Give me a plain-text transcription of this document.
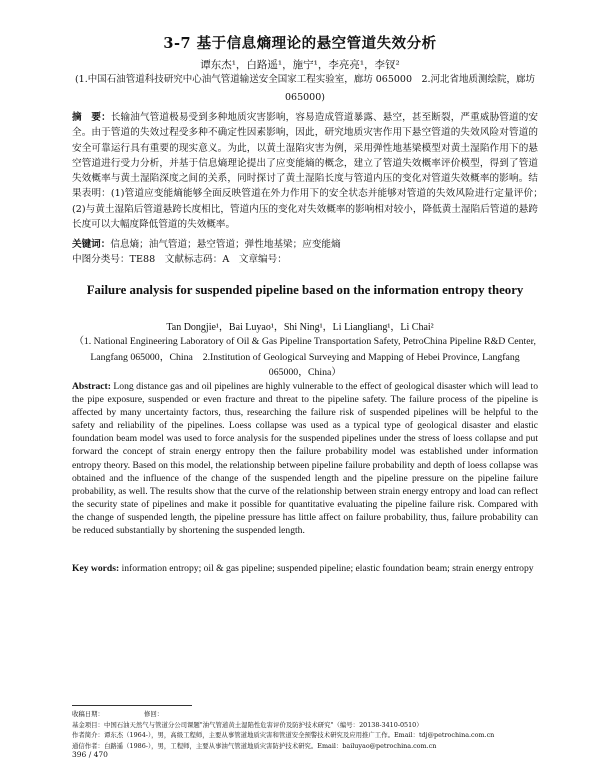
3-7 基于信息熵理论的悬空管道失效分析

谭东杰¹，白路遥¹，施宁¹，李亮亮¹，李钗²

(1.中国石油管道科技研究中心油气管道输送安全国家工程实验室，廊坊 065000　2.河北省地质测绘院，廊坊 065000)

摘　要：长输油气管道极易受到多种地质灾害影响，容易造成管道暴露、悬空，甚至断裂，严重威胁管道的安全。由于管道的失效过程受多种不确定性因素影响，因此，研究地质灾害作用下悬空管道的失效风险对管道的安全可靠运行具有重要的现实意义。为此，以黄土湿陷灾害为例，采用弹性地基梁模型对黄土湿陷作用下的悬空管道进行受力分析，并基于信息熵理论提出了应变能熵的概念，建立了管道失效概率评价模型，得到了管道失效概率与黄土湿陷深度之间的关系，同时探讨了黄土湿陷长度与管道内压的变化对管道失效概率的影响。结果表明：(1)管道应变能熵能够全面反映管道在外力作用下的安全状态并能够对管道的失效风险进行定量评价；　(2)与黄土湿陷后管道悬跨长度相比，管道内压的变化对失效概率的影响相对较小，降低黄土湿陷后管道的悬跨长度可以大幅度降低管道的失效概率。

关键词：信息熵；油气管道；悬空管道；弹性地基梁；应变能熵

中图分类号：TE88　文献标志码：A　文章编号：

Failure analysis for suspended pipeline based on the information entropy theory

Tan Dongjie¹，Bai Luyao¹，Shi Ning¹，Li Liangliang¹，Li Chai²

（1. National Engineering Laboratory of Oil & Gas Pipeline Transportation Safety, PetroChina Pipeline R&D Center, Langfang 065000，China　2.Institution of Geological Surveying and Mapping of Hebei Province, Langfang 065000，China）

Abstract: Long distance gas and oil pipelines are highly vulnerable to the effect of geological disaster which will lead to the pipe exposure, suspended or even fracture and threat to the pipeline safety. The failure process of the pipeline is affected by many uncertainty factors, thus, researching the failure risk of suspended pipelines will be helpful to the safety and reliability of the pipelines. Loess collapse was used as a typical type of geological disaster and elastic foundation beam model was used to force analysis for the suspended pipelines under the stress of loess collapse and put forward the concept of strain energy entropy then the failure probability model was established under information entropy theory. Based on this model, the relationship between pipeline failure probability and depth of loess collapse was obtained and the influence of the change of the suspended length and the pipeline pressure on the pipeline failure probability, as well. The results show that the curve of the relationship between strain energy entropy and load can reflect the security state of pipelines and make it possible for quantitative evaluating the pipeline failure risk. Compared with the change of suspended length, the pipeline pressure has little affect on failure probability, thus, failure probability can be reduced substantially by shortening the suspended length.

Key words: information entropy; oil & gas pipeline; suspended pipeline; elastic foundation beam; strain energy entropy

收稿日期：	修回：
基金项目：中国石油天然气与管道分公司课题"油气管道黄土湿陷性危害评价及防护技术研究"（编号：20138-3410-0510）
作者简介：谭东杰（1964-），男，高级工程师，主要从事管道地质灾害和管道安全预警技术研究及应用推广工作。Email：tdj@petrochina.com.cn
通信作者：白路遥（1986-），男，工程师，主要从事油气管道地质灾害防护技术研究。Email：bailuyao@petrochina.com.cn

396 / 470
